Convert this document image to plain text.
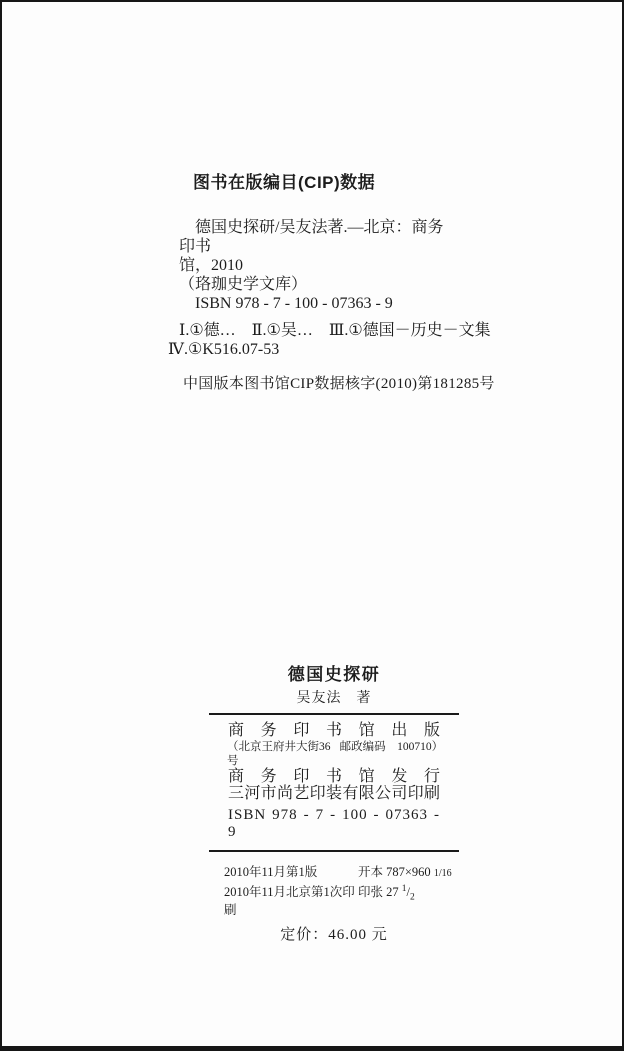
图书在版编目(CIP)数据
德国史探研/吴友法著.—北京：商务印书
馆，2010
（珞珈史学文库）
ISBN 978 - 7 - 100 - 07363 - 9
Ⅰ.①德…　Ⅱ.①吴…　Ⅲ.①德国－历史－文集
Ⅳ.①K516.07-53
中国版本图书馆CIP数据核字(2010)第181285号
德国史探研
吴友法　著
商务印书馆出版
（北京王府井大街36号
邮政编码　100710）
商务印书馆发行
三河市尚艺印装有限公司印刷
ISBN 978 - 7 - 100 - 07363 - 9
2010年11月第1版	开本 787×960 1/16
2010年11月北京第1次印刷
印张 27 $^1/_2$
定价：46.00 元
